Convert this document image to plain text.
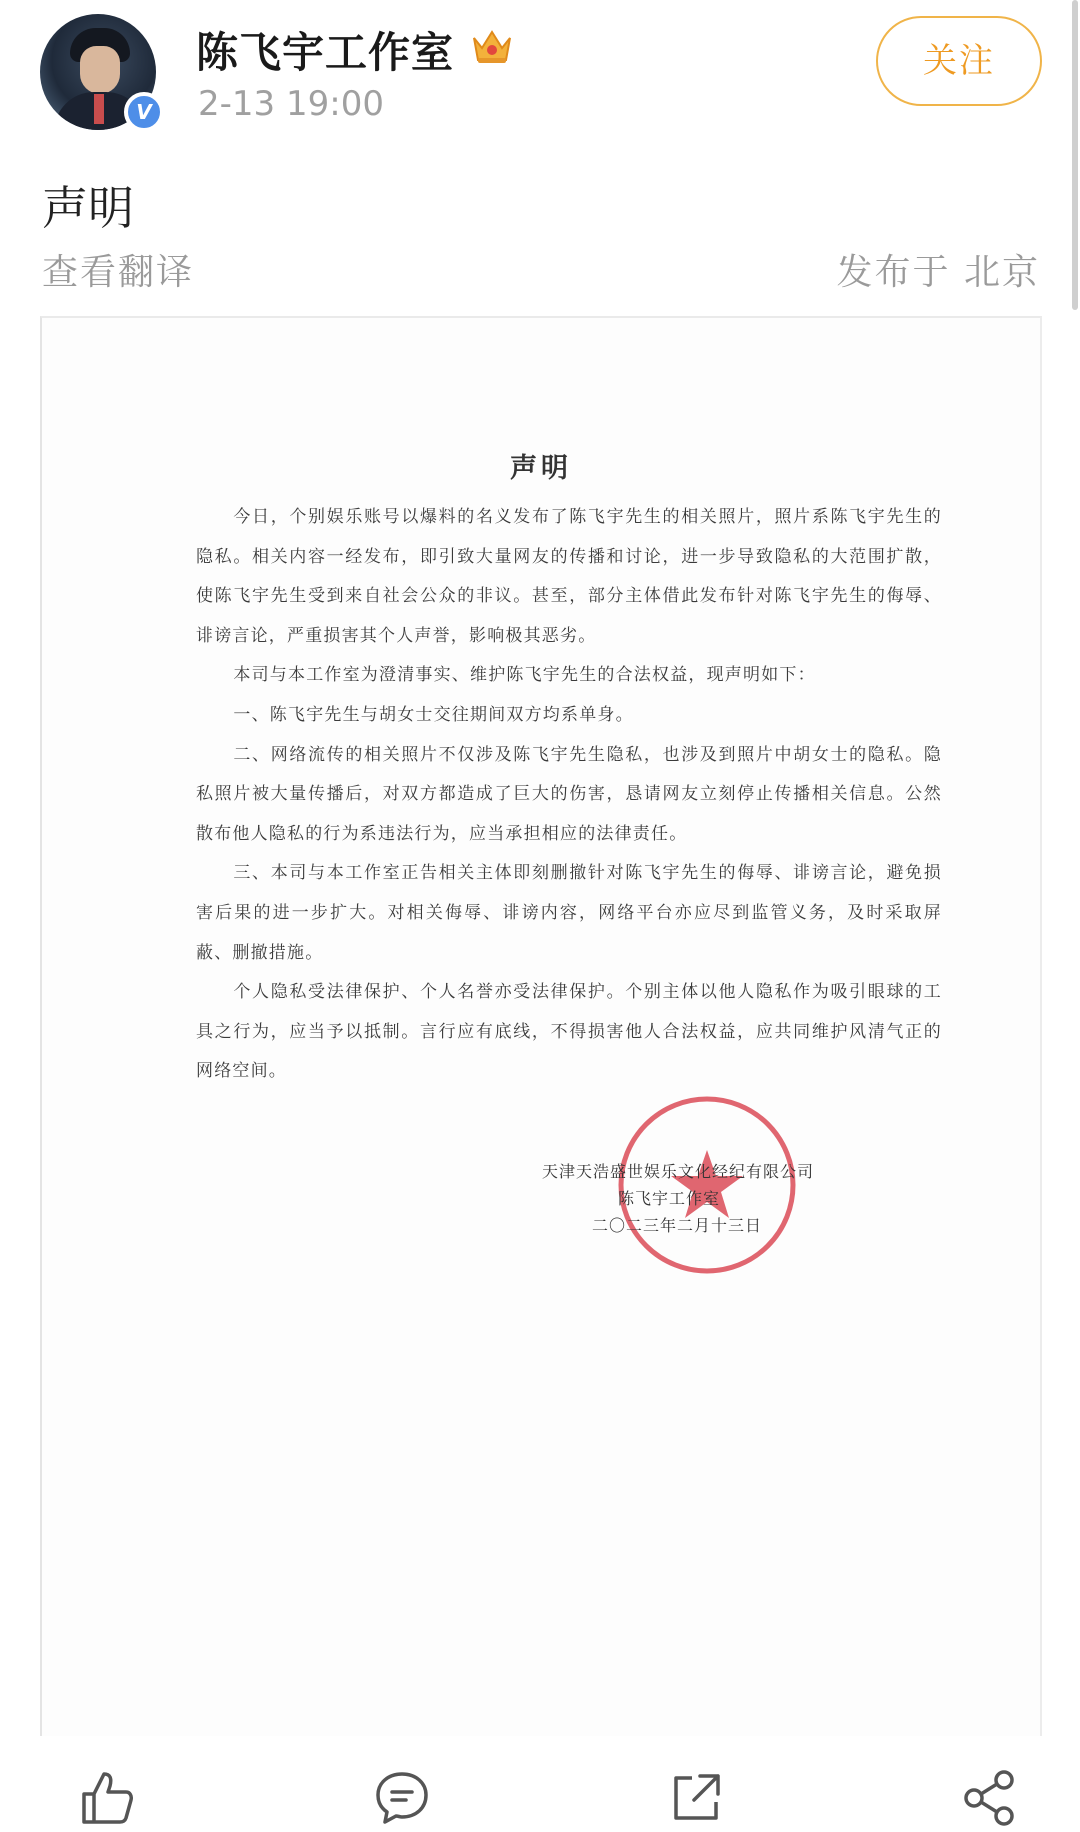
V
陈飞宇工作室
2-13 19:00
关注
声明
查看翻译	发布于 北京
声明

今日，个别娱乐账号以爆料的名义发布了陈飞宇先生的相关照片，照片系陈飞宇先生的隐私。相关内容一经发布，即引致大量网友的传播和讨论，进一步导致隐私的大范围扩散，使陈飞宇先生受到来自社会公众的非议。甚至，部分主体借此发布针对陈飞宇先生的侮辱、诽谤言论，严重损害其个人声誉，影响极其恶劣。

本司与本工作室为澄清事实、维护陈飞宇先生的合法权益，现声明如下：

一、陈飞宇先生与胡女士交往期间双方均系单身。

二、网络流传的相关照片不仅涉及陈飞宇先生隐私，也涉及到照片中胡女士的隐私。隐私照片被大量传播后，对双方都造成了巨大的伤害，恳请网友立刻停止传播相关信息。公然散布他人隐私的行为系违法行为，应当承担相应的法律责任。

三、本司与本工作室正告相关主体即刻删撤针对陈飞宇先生的侮辱、诽谤言论，避免损害后果的进一步扩大。对相关侮辱、诽谤内容，网络平台亦应尽到监管义务，及时采取屏蔽、删撤措施。

个人隐私受法律保护、个人名誉亦受法律保护。个别主体以他人隐私作为吸引眼球的工具之行为，应当予以抵制。言行应有底线，不得损害他人合法权益，应共同维护风清气正的网络空间。

天津天浩盛世娱乐文化经纪有限公司
陈飞宇工作室
二〇二三年二月十三日
